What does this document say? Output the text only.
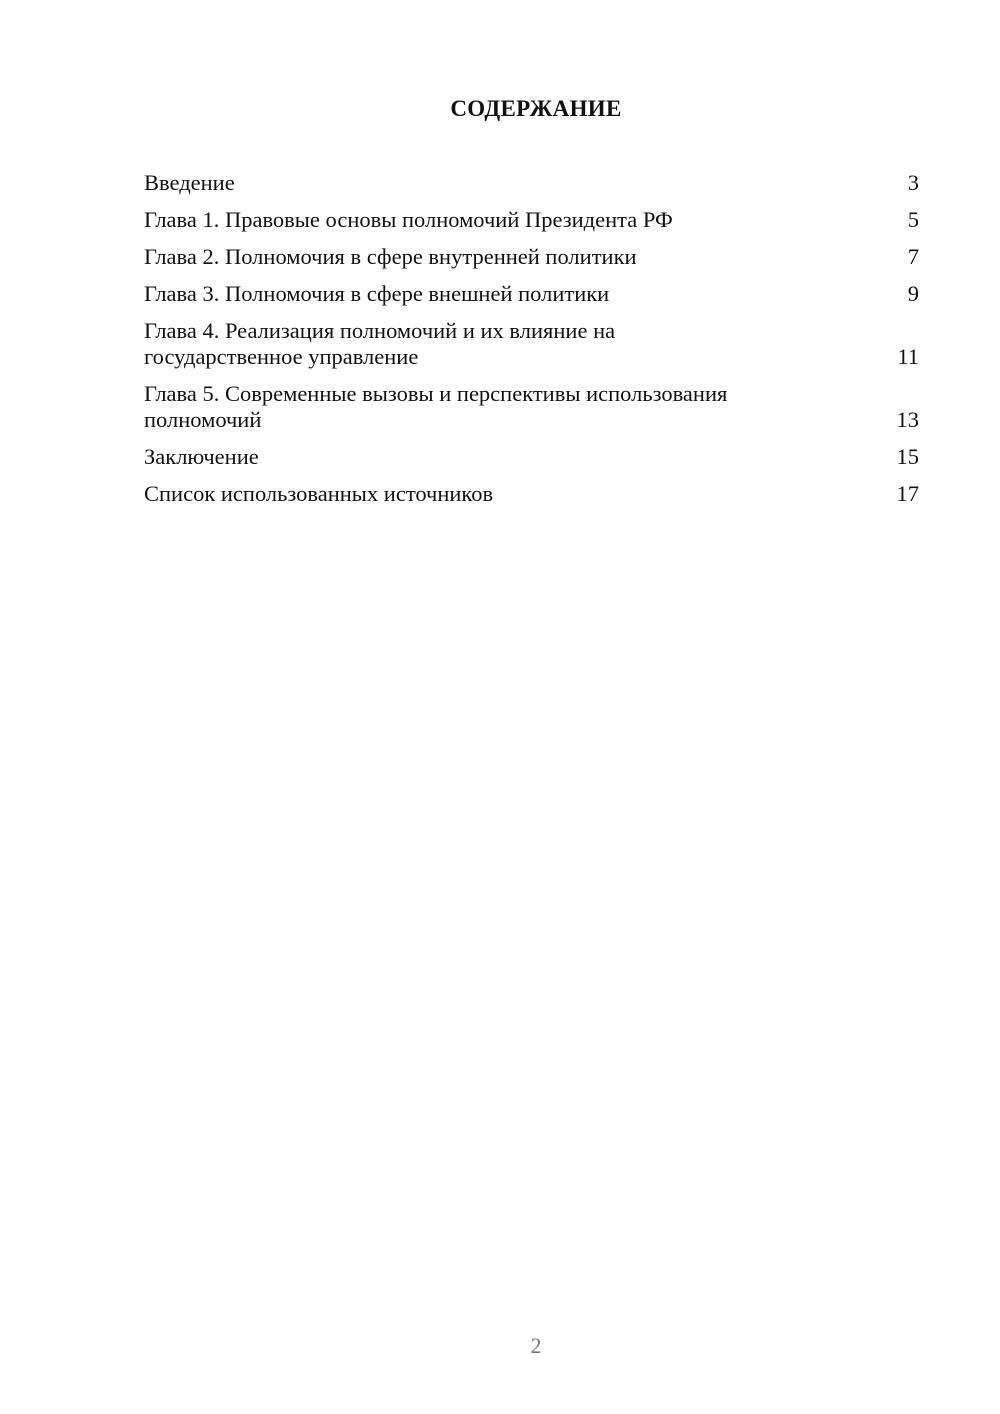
СОДЕРЖАНИЕ
Введение	3
Глава 1. Правовые основы полномочий Президента РФ	5
Глава 2. Полномочия в сфере внутренней политики	7
Глава 3. Полномочия в сфере внешней политики	9
Глава 4. Реализация полномочий и их влияние на
государственное управление	11
Глава 5. Современные вызовы и перспективы использования
полномочий	13
Заключение	15
Список использованных источников	17
2
